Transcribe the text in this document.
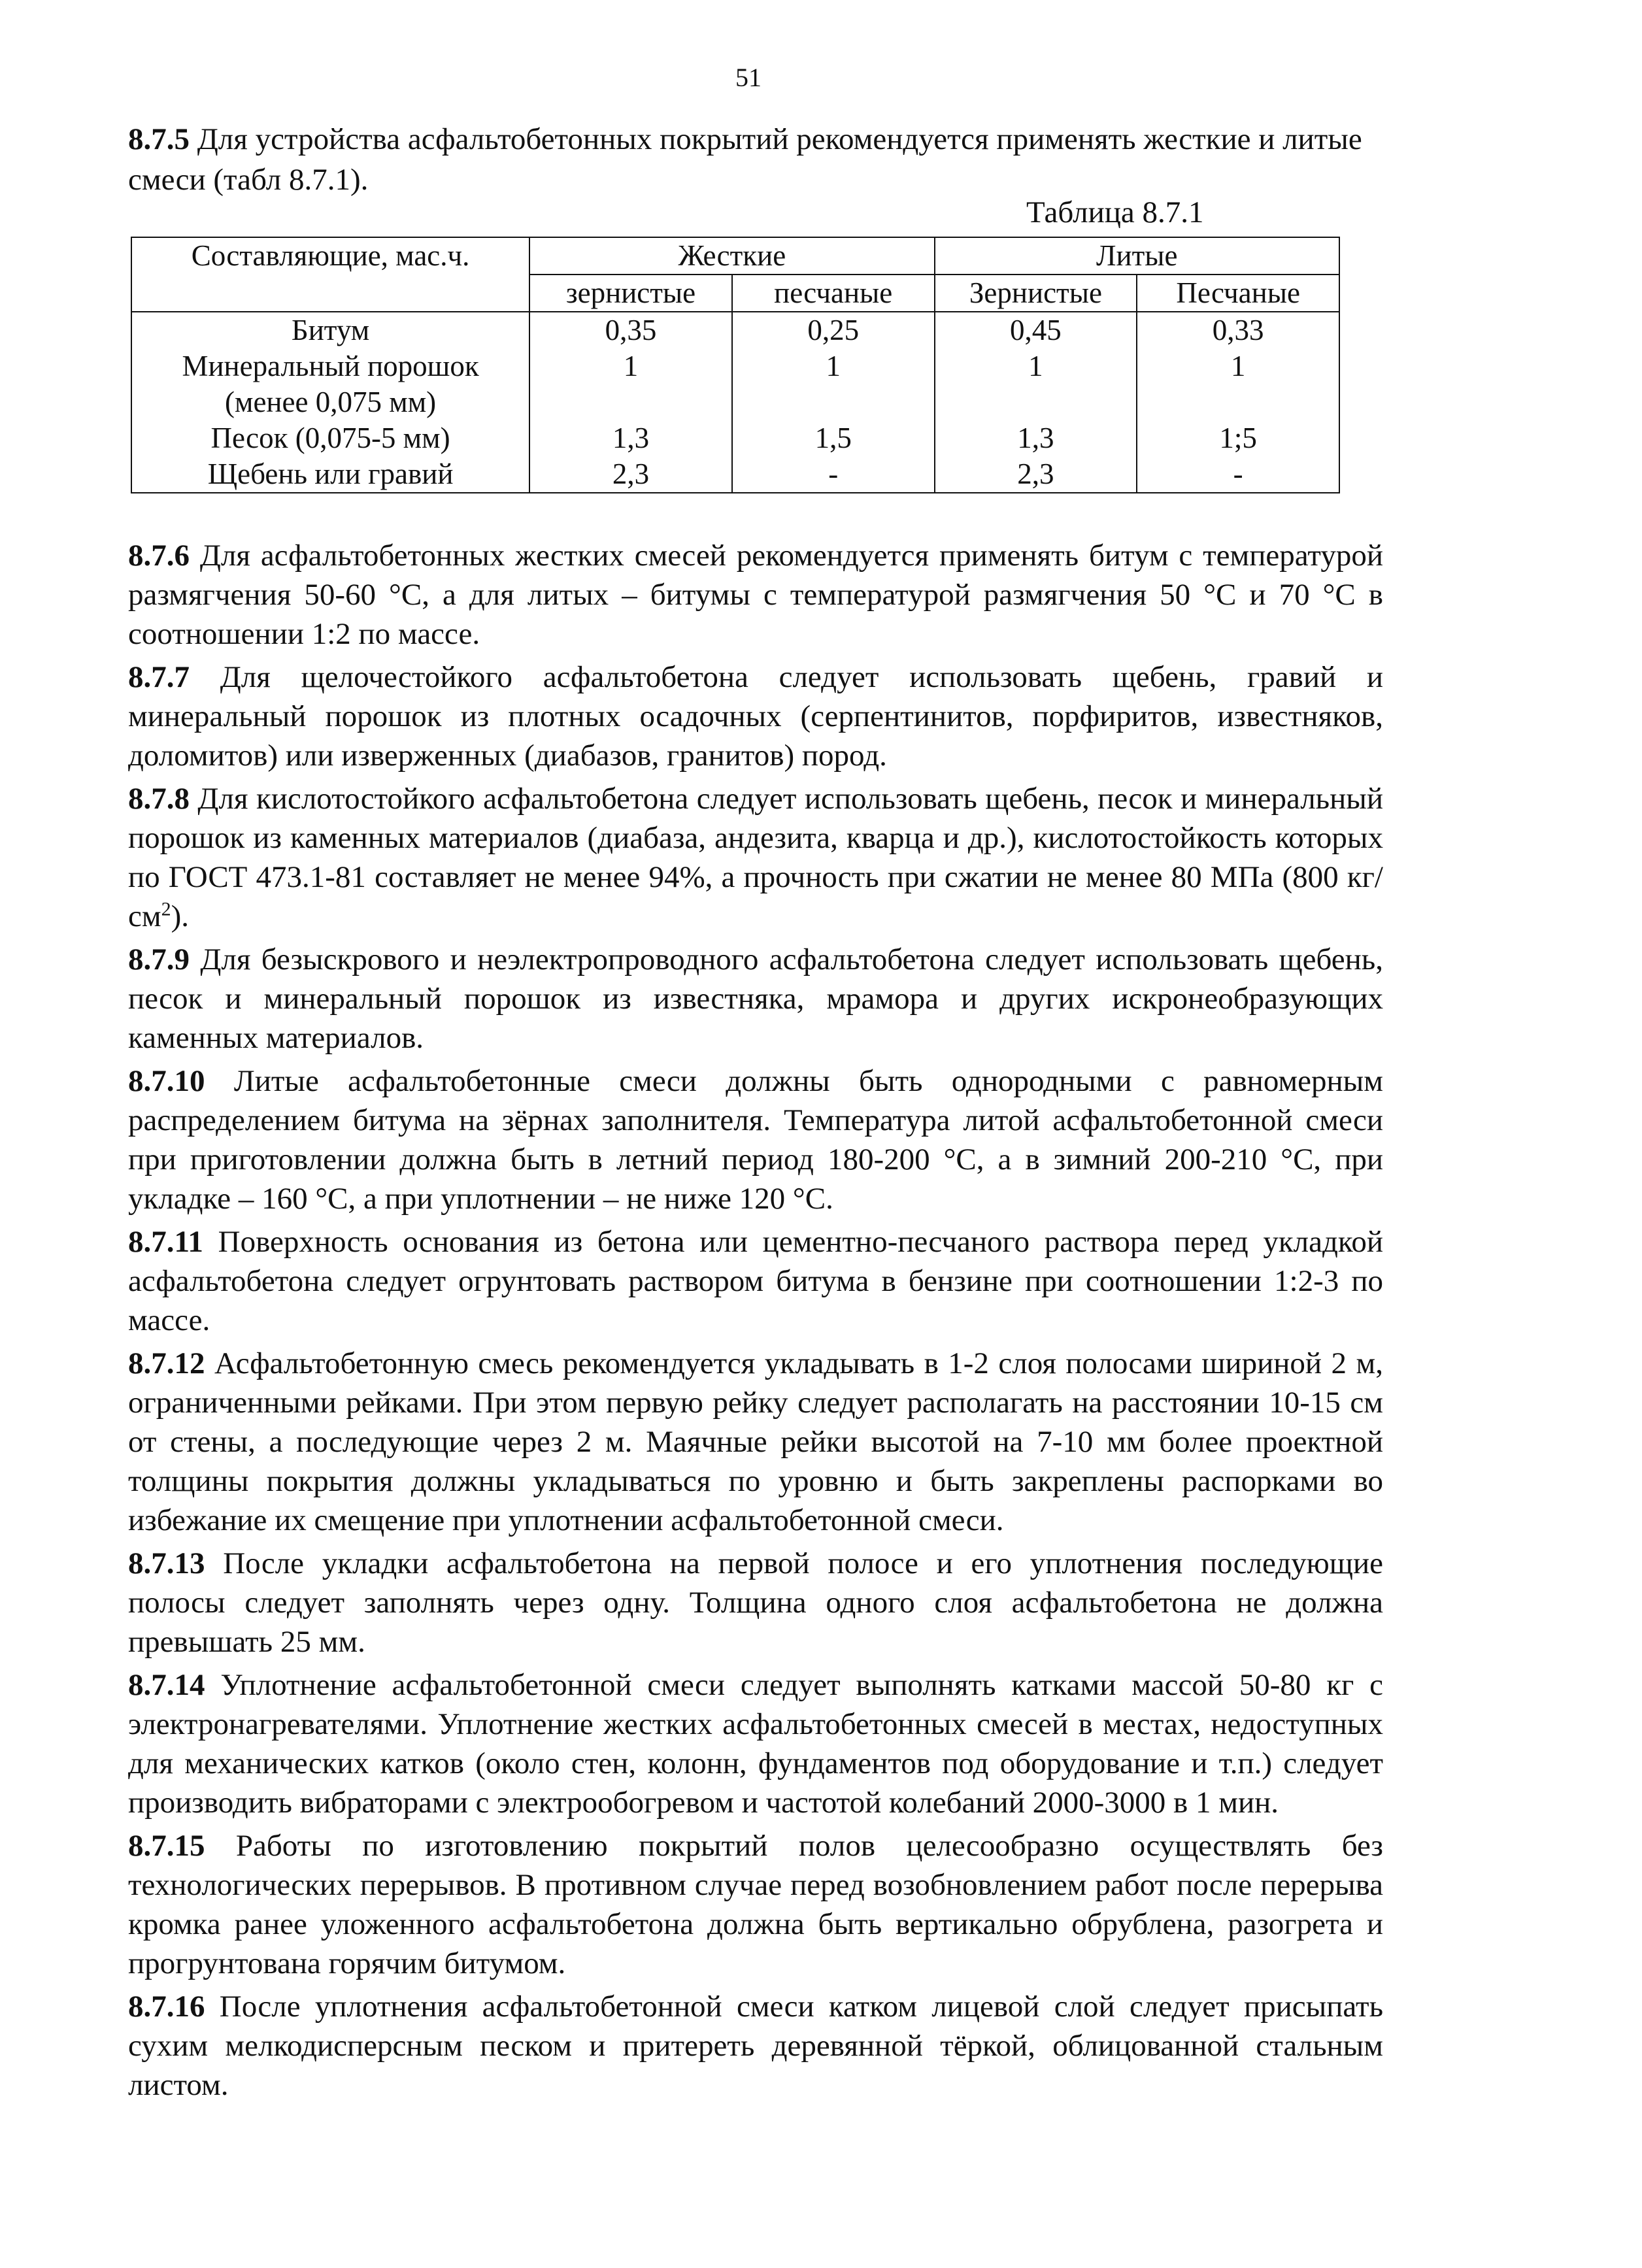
51
8.7.5 Для устройства асфальтобетонных покрытий рекомендуется применять жесткие и литые смеси (табл 8.7.1).
Таблица 8.7.1
Составляющие, мас.ч.	Жесткие		Литые	
	зернистые	песчаные	Зернистые	Песчаные
Битум	0,35	0,25	0,45	0,33
Минеральный порошок	1	1	1	1
(менее 0,075 мм)				
Песок (0,075-5 мм)	1,3	1,5	1,3	1;5
Щебень или гравий	2,3	-	2,3	-

8.7.6 Для асфальтобетонных жестких смесей рекомендуется применять битум с температурой размягчения 50-60 °С, а для литых – битумы с температурой размягчения 50 °С и 70 °С в соотношении 1:2 по массе.

8.7.7 Для щелочестойкого асфальтобетона следует использовать щебень, гравий и минеральный порошок из плотных осадочных (серпентинитов, порфиритов, известняков, доломитов) или изверженных (диабазов, гранитов) пород.

8.7.8 Для кислотостойкого асфальтобетона следует использовать щебень, песок и минеральный порошок из каменных материалов (диабаза, андезита, кварца и др.), кислотостойкость которых по ГОСТ 473.1-81 составляет не менее 94%, а прочность при сжатии не менее 80 МПа (800 $кг/см^2$).

8.7.9 Для безыскрового и неэлектропроводного асфальтобетона следует использовать щебень, песок и минеральный порошок из известняка, мрамора и других искронеобразующих каменных материалов.

8.7.10 Литые асфальтобетонные смеси должны быть однородными с равномерным распределением битума на зёрнах заполнителя. Температура литой асфальтобетонной смеси при приготовлении должна быть в летний период 180-200 °С, а в зимний 200-210 °С, при укладке – 160 °С, а при уплотнении – не ниже 120 °С.

8.7.11 Поверхность основания из бетона или цементно-песчаного раствора перед укладкой асфальтобетона следует огрунтовать раствором битума в бензине при соотношении 1:2-3 по массе.

8.7.12 Асфальтобетонную смесь рекомендуется укладывать в 1-2 слоя полосами шириной 2 м, ограниченными рейками. При этом первую рейку следует располагать на расстоянии 10-15 см от стены, а последующие через 2 м. Маячные рейки высотой на 7-10 мм более проектной толщины покрытия должны укладываться по уровню и быть закреплены распорками во избежание их смещение при уплотнении асфальтобетонной смеси.

8.7.13 После укладки асфальтобетона на первой полосе и его уплотнения последующие полосы следует заполнять через одну. Толщина одного слоя асфальтобетона не должна превышать 25 мм.

8.7.14 Уплотнение асфальтобетонной смеси следует выполнять катками массой 50-80 кг с электронагревателями. Уплотнение жестких асфальтобетонных смесей в местах, недоступных для механических катков (около стен, колонн, фундаментов под оборудование и т.п.) следует производить вибраторами с электрообогревом и частотой колебаний 2000-3000 в 1 мин.

8.7.15 Работы по изготовлению покрытий полов целесообразно осуществлять без технологических перерывов. В противном случае перед возобновлением работ после перерыва кромка ранее уложенного асфальтобетона должна быть вертикально обрублена, разогрета и прогрунтована горячим битумом.

8.7.16 После уплотнения асфальтобетонной смеси катком лицевой слой следует присыпать сухим мелкодисперсным песком и притереть деревянной тёркой, облицованной стальным листом.
